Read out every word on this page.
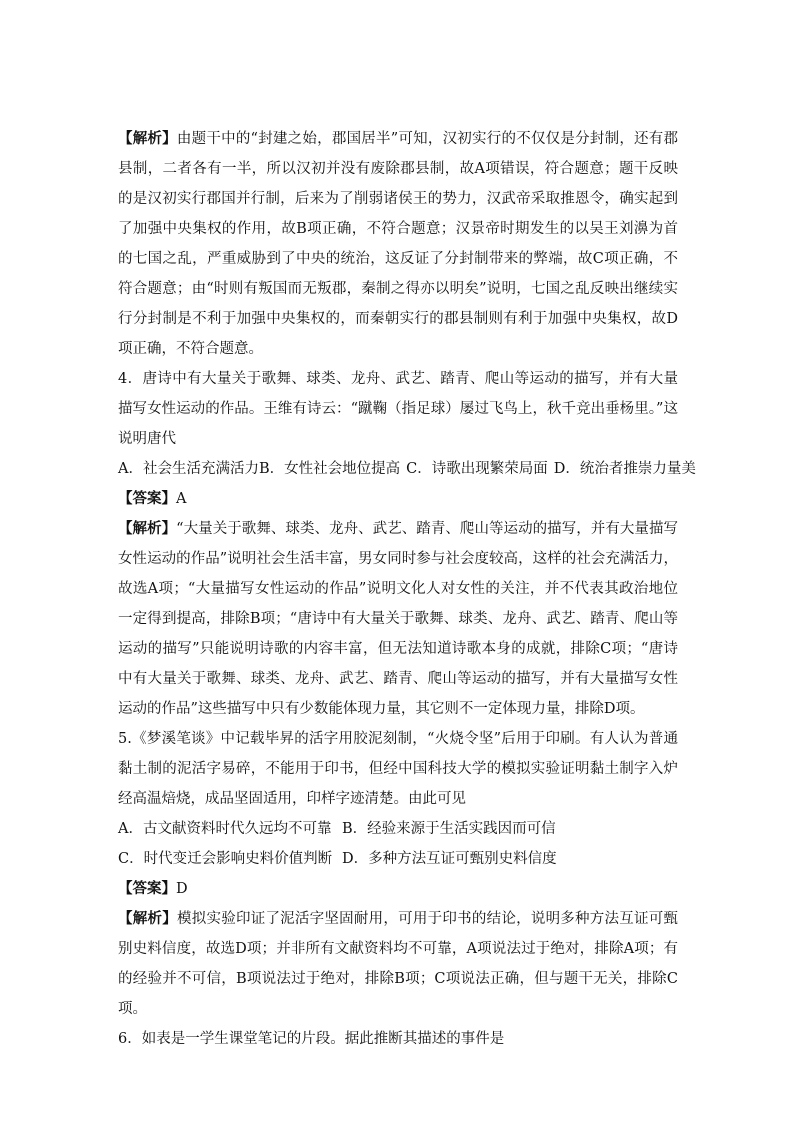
【解析】由题干中的“封建之始，郡国居半”可知，汉初实行的不仅仅是分封制，还有郡县制，二者各有一半，所以汉初并没有废除郡县制，故A项错误，符合题意；题干反映的是汉初实行郡国并行制，后来为了削弱诸侯王的势力，汉武帝采取推恩令，确实起到了加强中央集权的作用，故B项正确，不符合题意；汉景帝时期发生的以吴王刘濞为首的七国之乱，严重威胁到了中央的统治，这反证了分封制带来的弊端，故C项正确，不符合题意；由“时则有叛国而无叛郡，秦制之得亦以明矣”说明，七国之乱反映出继续实行分封制是不利于加强中央集权的，而秦朝实行的郡县制则有利于加强中央集权，故D项正确，不符合题意。

4．唐诗中有大量关于歌舞、球类、龙舟、武艺、踏青、爬山等运动的描写，并有大量描写女性运动的作品。王维有诗云：“蹴鞠（指足球）屡过飞鸟上，秋千竞出垂杨里。”这说明唐代

A．社会生活充满活力 B．女性社会地位提高 C．诗歌出现繁荣局面 D．统治者推崇力量美

【答案】A

【解析】“大量关于歌舞、球类、龙舟、武艺、踏青、爬山等运动的描写，并有大量描写女性运动的作品”说明社会生活丰富，男女同时参与社会度较高，这样的社会充满活力，故选A项；“大量描写女性运动的作品”说明文化人对女性的关注，并不代表其政治地位一定得到提高，排除B项；“唐诗中有大量关于歌舞、球类、龙舟、武艺、踏青、爬山等运动的描写”只能说明诗歌的内容丰富，但无法知道诗歌本身的成就，排除C项；“唐诗中有大量关于歌舞、球类、龙舟、武艺、踏青、爬山等运动的描写，并有大量描写女性运动的作品”这些描写中只有少数能体现力量，其它则不一定体现力量，排除D项。

5.《梦溪笔谈》中记载毕昇的活字用胶泥刻制，“火烧令坚”后用于印刷。有人认为普通黏土制的泥活字易碎，不能用于印书，但经中国科技大学的模拟实验证明黏土制字入炉经高温焙烧，成品坚固适用，印样字迹清楚。由此可见

A．古文献资料时代久远均不可靠 B．经验来源于生活实践因而可信
C．时代变迁会影响史料价值判断 D．多种方法互证可甄别史料信度

【答案】D

【解析】模拟实验印证了泥活字坚固耐用，可用于印书的结论，说明多种方法互证可甄别史料信度，故选D项；并非所有文献资料均不可靠，A项说法过于绝对，排除A项；有的经验并不可信，B项说法过于绝对，排除B项；C项说法正确，但与题干无关，排除C项。

6．如表是一学生课堂笔记的片段。据此推断其描述的事件是
